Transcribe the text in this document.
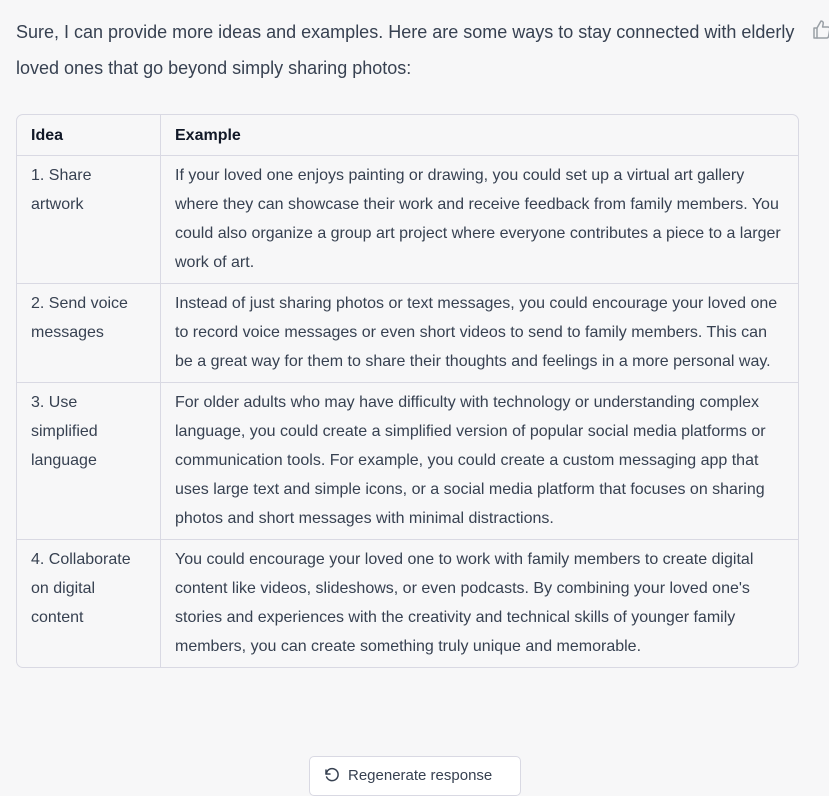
Sure, I can provide more ideas and examples. Here are some ways to stay connected with elderly loved ones that go beyond simply sharing photos:

Idea	Example
1. Share artwork	If your loved one enjoys painting or drawing, you could set up a virtual art gallery where they can showcase their work and receive feedback from family members. You could also organize a group art project where everyone contributes a piece to a larger work of art.
2. Send voice messages	Instead of just sharing photos or text messages, you could encourage your loved one to record voice messages or even short videos to send to family members. This can be a great way for them to share their thoughts and feelings in a more personal way.
3. Use simplified language	For older adults who may have difficulty with technology or understanding complex language, you could create a simplified version of popular social media platforms or communication tools. For example, you could create a custom messaging app that uses large text and simple icons, or a social media platform that focuses on sharing photos and short messages with minimal distractions.
4. Collaborate on digital content	You could encourage your loved one to work with family members to create digital content like videos, slideshows, or even podcasts. By combining your loved one's stories and experiences with the creativity and technical skills of younger family members, you can create something truly unique and memorable.
Regenerate response
